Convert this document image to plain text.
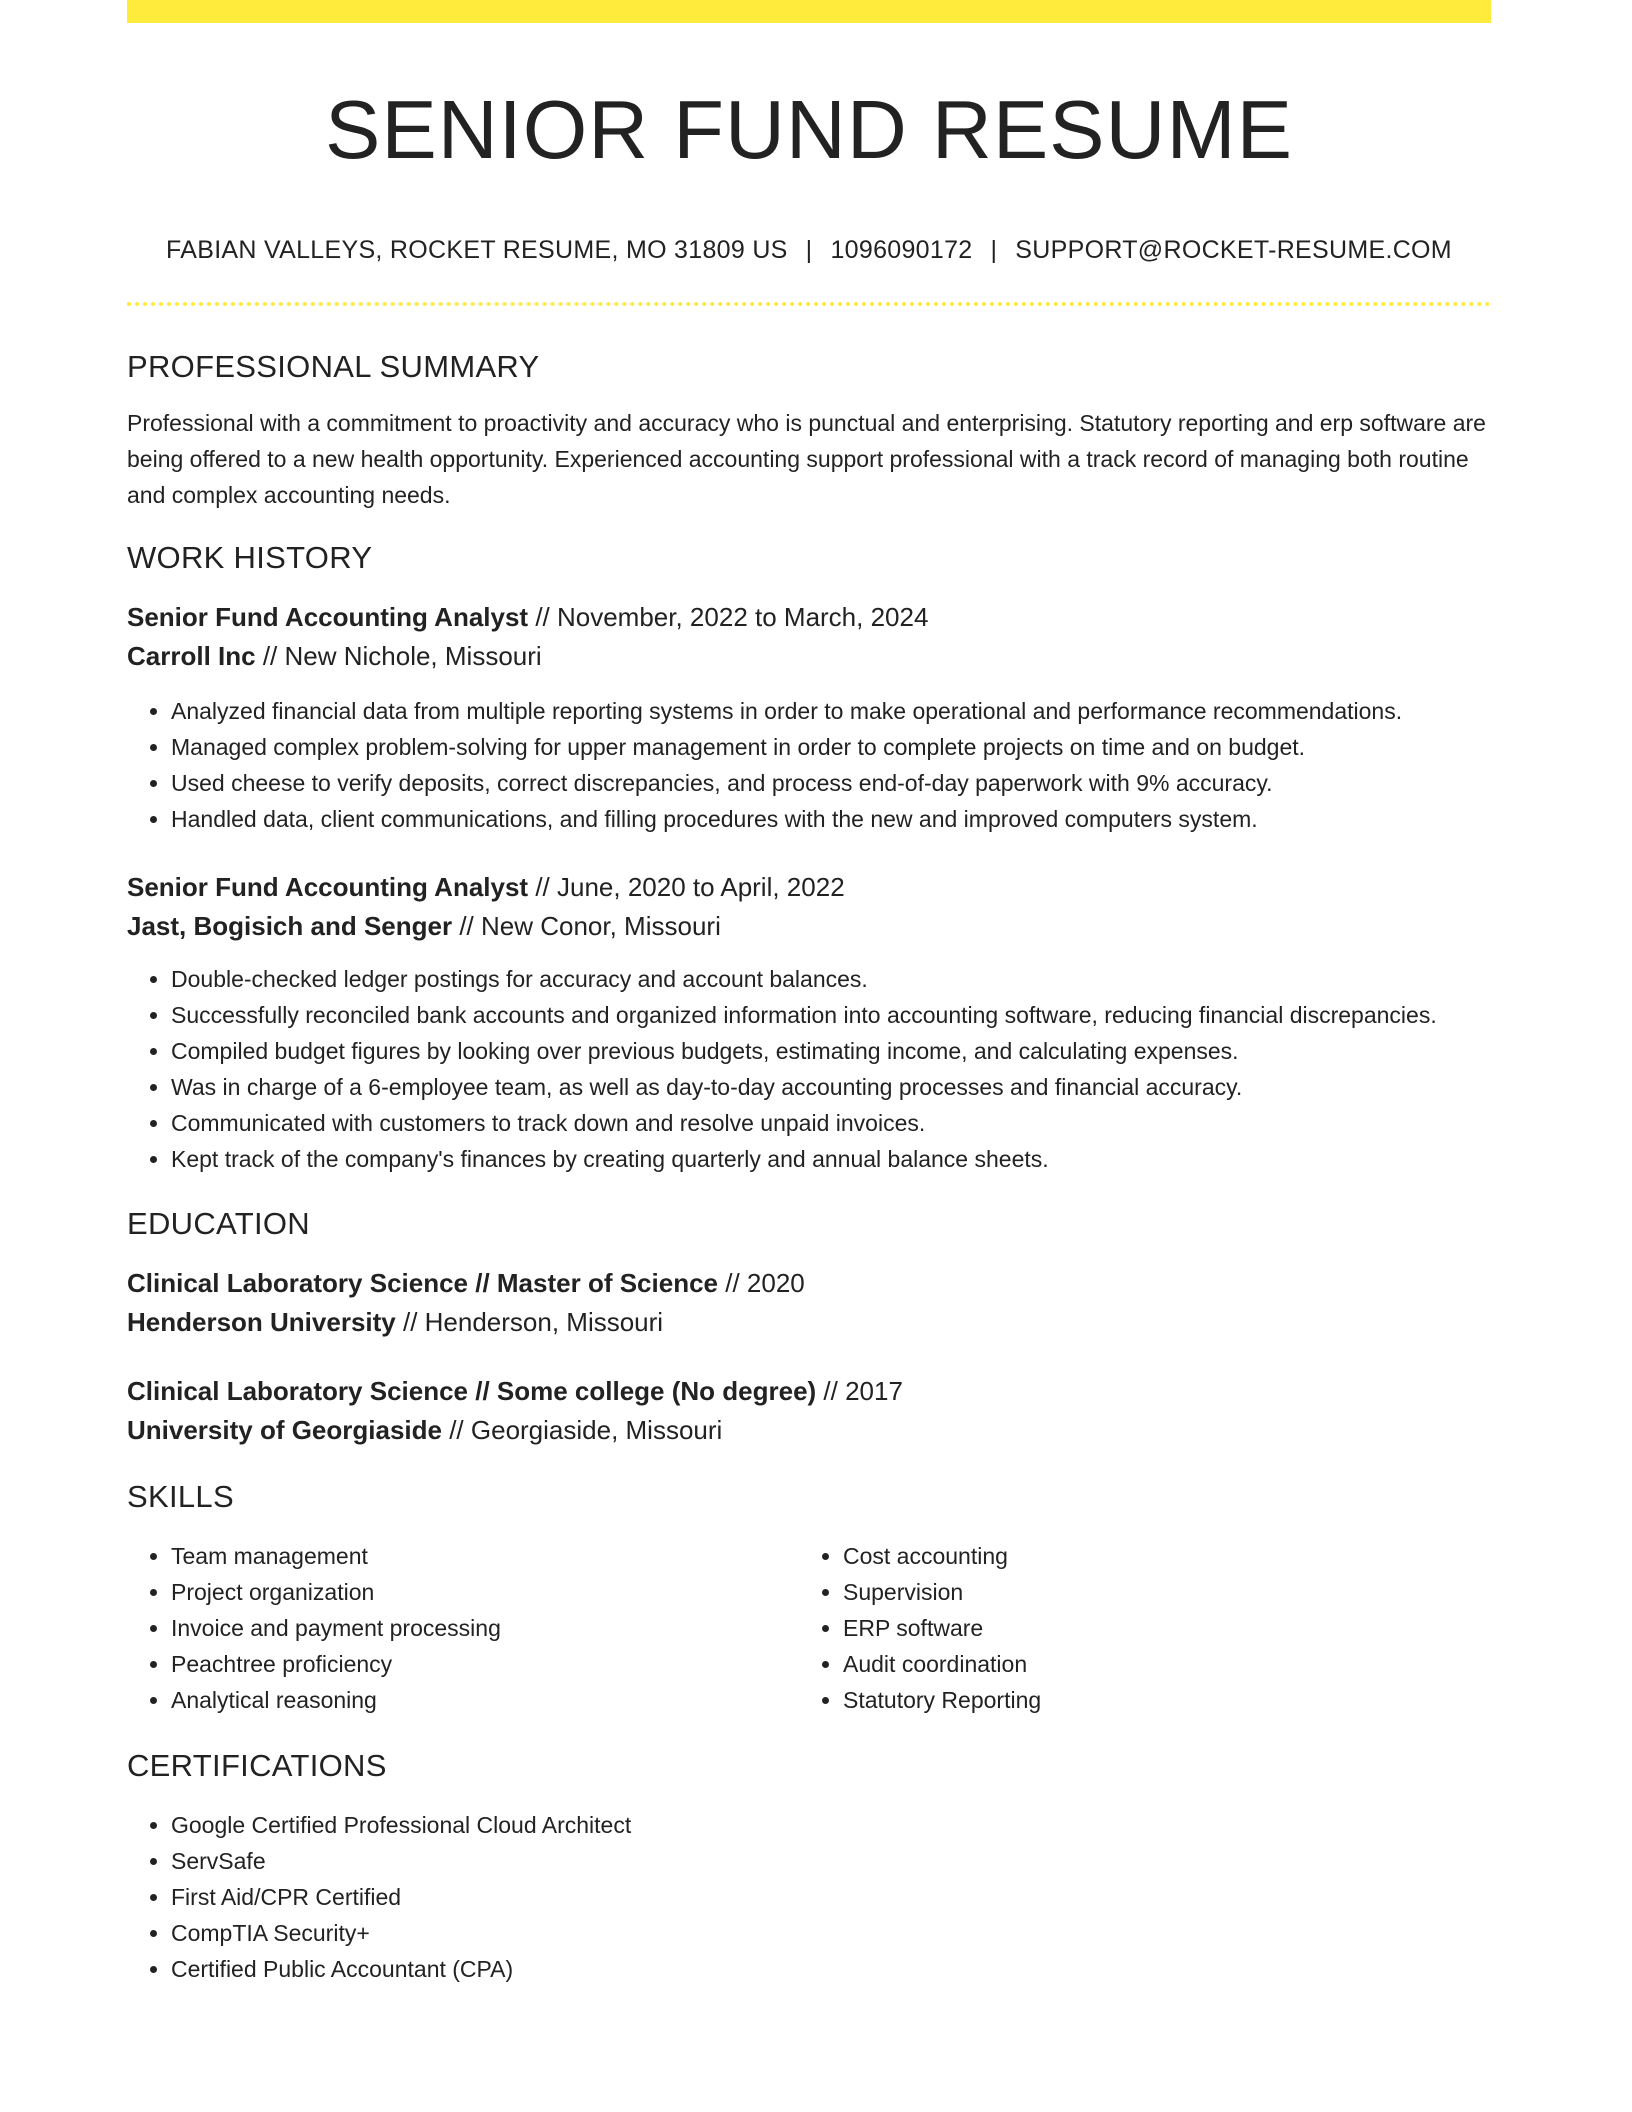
SENIOR FUND RESUME
FABIAN VALLEYS, ROCKET RESUME, MO 31809 US | 1096090172 | SUPPORT@ROCKET-RESUME.COM
PROFESSIONAL SUMMARY

Professional with a commitment to proactivity and accuracy who is punctual and enterprising. Statutory reporting and erp software are being offered to a new health opportunity. Experienced accounting support professional with a track record of managing both routine and complex accounting needs.

WORK HISTORY

Senior Fund Accounting Analyst // November, 2022 to March, 2024

Carroll Inc // New Nichole, Missouri

• Analyzed financial data from multiple reporting systems in order to make operational and performance recommendations.
• Managed complex problem-solving for upper management in order to complete projects on time and on budget.
• Used cheese to verify deposits, correct discrepancies, and process end-of-day paperwork with 9% accuracy.
• Handled data, client communications, and filling procedures with the new and improved computers system.

Senior Fund Accounting Analyst // June, 2020 to April, 2022

Jast, Bogisich and Senger // New Conor, Missouri

• Double-checked ledger postings for accuracy and account balances.
• Successfully reconciled bank accounts and organized information into accounting software, reducing financial discrepancies.
• Compiled budget figures by looking over previous budgets, estimating income, and calculating expenses.
• Was in charge of a 6-employee team, as well as day-to-day accounting processes and financial accuracy.
• Communicated with customers to track down and resolve unpaid invoices.
• Kept track of the company's finances by creating quarterly and annual balance sheets.
EDUCATION

Clinical Laboratory Science // Master of Science // 2020

Henderson University // Henderson, Missouri

Clinical Laboratory Science // Some college (No degree) // 2017

University of Georgiaside // Georgiaside, Missouri

SKILLS
• Team management
• Project organization
• Invoice and payment processing
• Peachtree proficiency
• Analytical reasoning
• Cost accounting
• Supervision
• ERP software
• Audit coordination
• Statutory Reporting
CERTIFICATIONS
• Google Certified Professional Cloud Architect
• ServSafe
• First Aid/CPR Certified
• CompTIA Security+
• Certified Public Accountant (CPA)
